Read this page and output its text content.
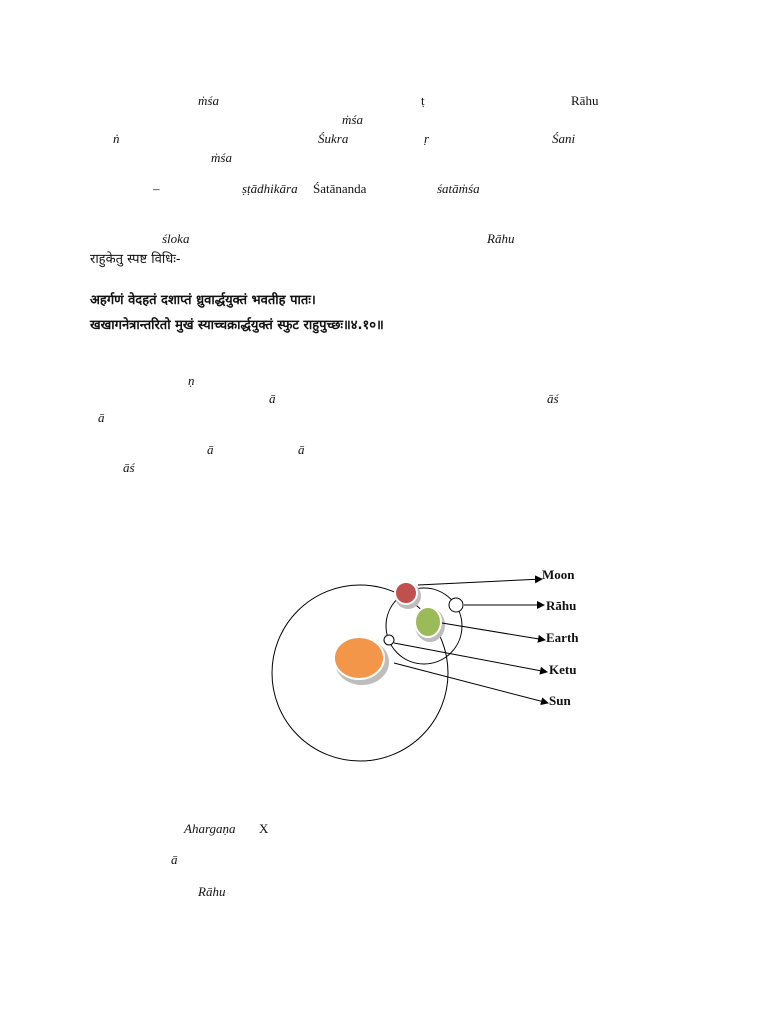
ṁśa	ṭ	Rāhu
ṁśa
ṅ	Śukra	ṛ	Śani
ṁśa
–	ṣṭādhikāra Śatānanda	śatāṁśa
śloka	Rāhu
राहुकेतु स्पष्ट विधिः-
अहर्गणं वेदहतं दशाप्तं ध्रुवार्द्धयुक्तं भवतीह पातः।
खखागनेत्रान्तरितो मुखं स्याच्चक्रार्द्धयुक्तं स्फुट राहुपुच्छः॥४.१०॥
ṇ
ā	āś
ā
ā	ā
āś
Moon
Rāhu
Earth
Ketu
Sun
Ahargaṇa X
ā
Rāhu
